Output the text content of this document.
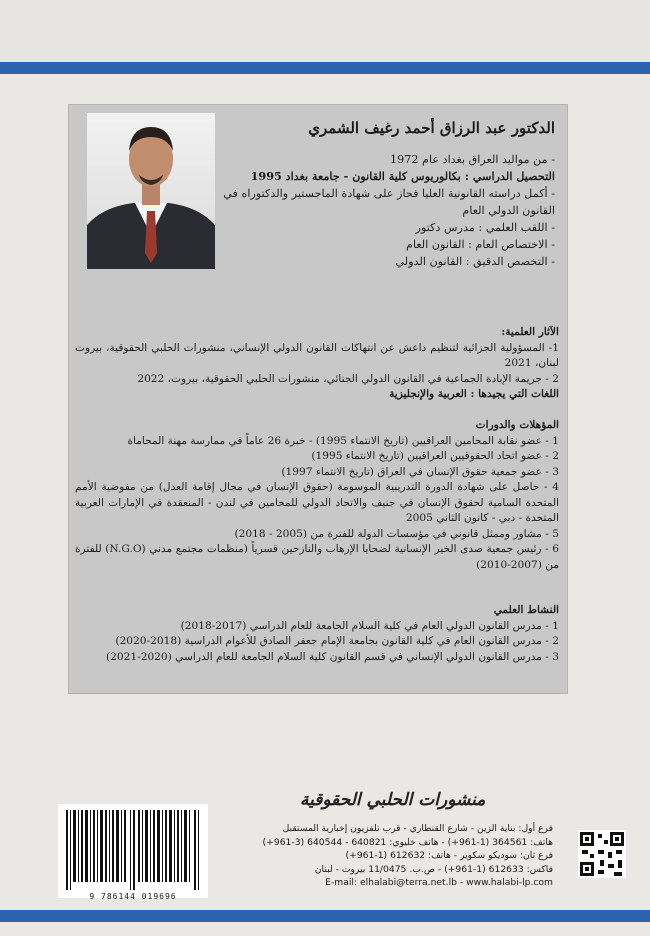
الدكتور عبد الرزاق أحمد رغيف الشمري
- من مواليد العراق بغداد عام 1972
التحصيل الدراسي : بكالوريوس كلية القانون - جامعة بغداد 1995
- أكمل دراسته القانونية العليا فحاز على شهادة الماجستير والدكتوراه في القانون الدولي العام
- اللقب العلمي : مدرس دكتور
- الاختصاص العام : القانون العام
- التخصص الدقيق : القانون الدولي
الآثار العلمية:
1- المسؤولية الجزائية لتنظيم داعش عن انتهاكات القانون الدولي الإنساني، منشورات الحلبي الحقوقية، بيروت لبنان، 2021
2 - جريمة الإبادة الجماعية في القانون الدولي الجنائي، منشورات الحلبي الحقوقية، بيروت، 2022
اللغات التي يجيدها : العربية والإنجليزية
المؤهلات والدورات
1 - عضو نقابة المحامين العراقيين (تاريخ الانتماء 1995) - خبرة 26 عاماً في ممارسة مهنة المحاماة
2 - عضو اتحاد الحقوقيين العراقيين (تاريخ الانتماء 1995)
3 - عضو جمعية حقوق الإنسان في العراق (تاريخ الانتماء 1997)
4 - حاصل على شهادة الدورة التدريبية الموسومة (حقوق الإنسان في مجال إقامة العدل) من مفوضية الأمم المتحدة السامية لحقوق الإنسان في جنيف والاتحاد الدولي للمحامين في لندن - المنعقدة في الإمارات العربية المتحدة - دبي - كانون الثاني 2005
5 - مشاور وممثل قانوني في مؤسسات الدولة للفترة من (2005 - 2018)
6 - رئيس جمعية صدى الخير الإنسانية لضحايا الإرهاب والنازحين قسرياً (منظمات مجتمع مدني (N.G.O) للفترة من (2007-2010)
النشاط العلمي
1 - مدرس القانون الدولي العام في كلية السلام الجامعة للعام الدراسي (2017-2018)
2 - مدرس القانون العام في كلية القانون بجامعة الإمام جعفر الصادق للأعوام الدراسية (2018-2020)
3 - مدرس القانون الدولي الإنساني في قسم القانون كلية السلام الجامعة للعام الدراسي (2020-2021)
منشورات الحلبي الحقوقية
فرع أول: بناية الزين - شارع القنطاري - قرب تلفزيون إخبارية المستقبل
هاتف: 364561 (1-961+) - هاتف خليوي: 640821 - 640544 (3-961+)
فرع ثان: سوديكو سكوير - هاتف: 612632 (1-961+)
فاكس: 612633 (1-961+) - ص.ب. 11/0475 بيروت - لبنان
E-mail: elhalabi@terra.net.lb - www.halabi-lp.com
9 786144 019696
